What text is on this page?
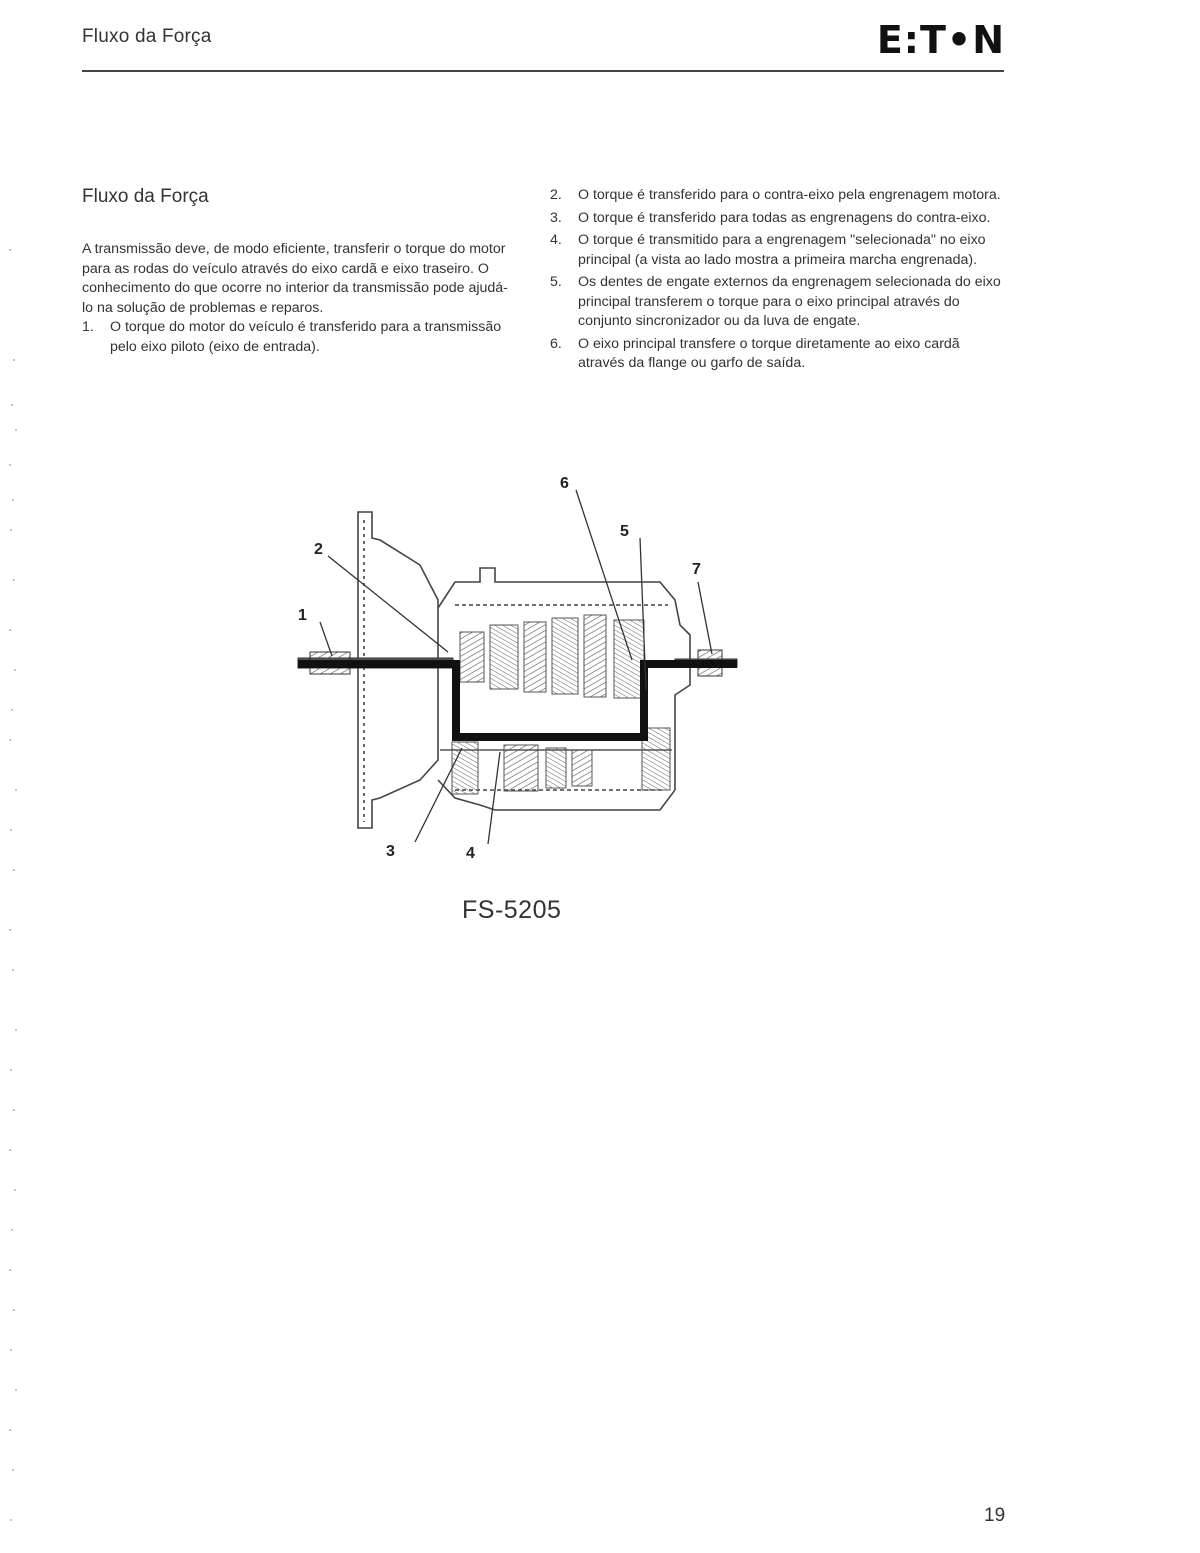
Fluxo da Força	E:T•N
Fluxo da Força

A transmissão deve, de modo eficiente, transferir o torque do motor para as rodas do veículo através do eixo cardã e eixo traseiro. O conhecimento do que ocorre no interior da transmissão pode ajudá-lo na solução de problemas e reparos.

1. O torque do motor do veículo é transferido para a transmissão pelo eixo piloto (eixo de entrada).
2. O torque é transferido para o contra-eixo pela engrenagem motora.
3. O torque é transferido para todas as engrenagens do contra-eixo.
4. O torque é transmitido para a engrenagem "selecionada" no eixo principal (a vista ao lado mostra a primeira marcha engrenada).
5. Os dentes de engate externos da engrenagem selecionada do eixo principal transferem o torque para o eixo principal através do conjunto sincronizador ou da luva de engate.
6. O eixo principal transfere o torque diretamente ao eixo cardã através da flange ou garfo de saída.
1
2
3	4
5
6
7
FS-5205
19
